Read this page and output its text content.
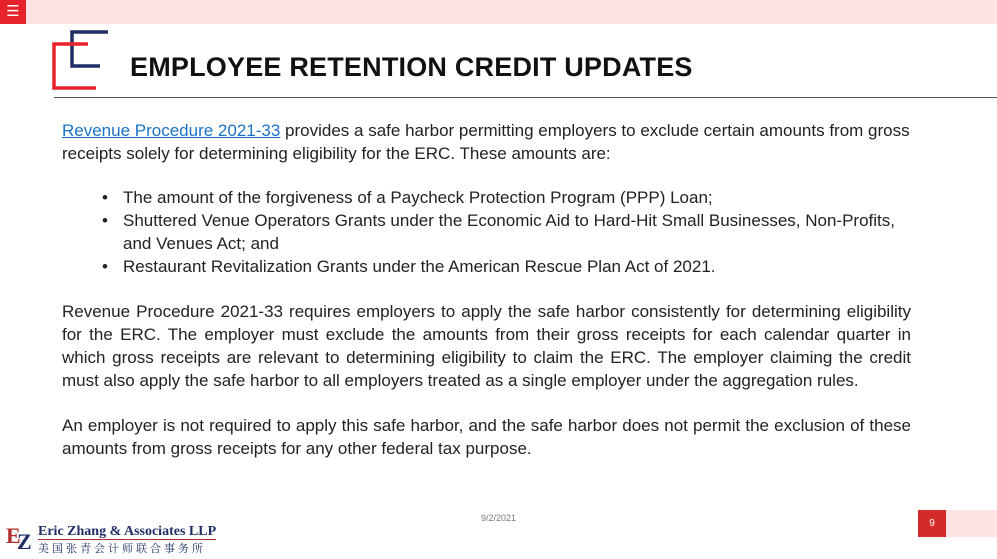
☰
EMPLOYEE RETENTION CREDIT UPDATES

Revenue Procedure 2021-33 provides a safe harbor permitting employers to exclude certain amounts from gross receipts solely for determining eligibility for the ERC. These amounts are:

• The amount of the forgiveness of a Paycheck Protection Program (PPP) Loan;
• Shuttered Venue Operators Grants under the Economic Aid to Hard-Hit Small Businesses, Non-Profits, and Venues Act; and
• Restaurant Revitalization Grants under the American Rescue Plan Act of 2021.

Revenue Procedure 2021-33 requires employers to apply the safe harbor consistently for determining eligibility for the ERC. The employer must exclude the amounts from their gross receipts for each calendar quarter in which gross receipts are relevant to determining eligibility to claim the ERC. The employer claiming the credit must also apply the safe harbor to all employers treated as a single employer under the aggregation rules.

An employer is not required to apply this safe harbor, and the safe harbor does not permit the exclusion of these amounts from gross receipts for any other federal tax purpose.

9/2/2021
E
Z Eric Zhang & Associates LLP
美国张青会计师联合事务所
9
